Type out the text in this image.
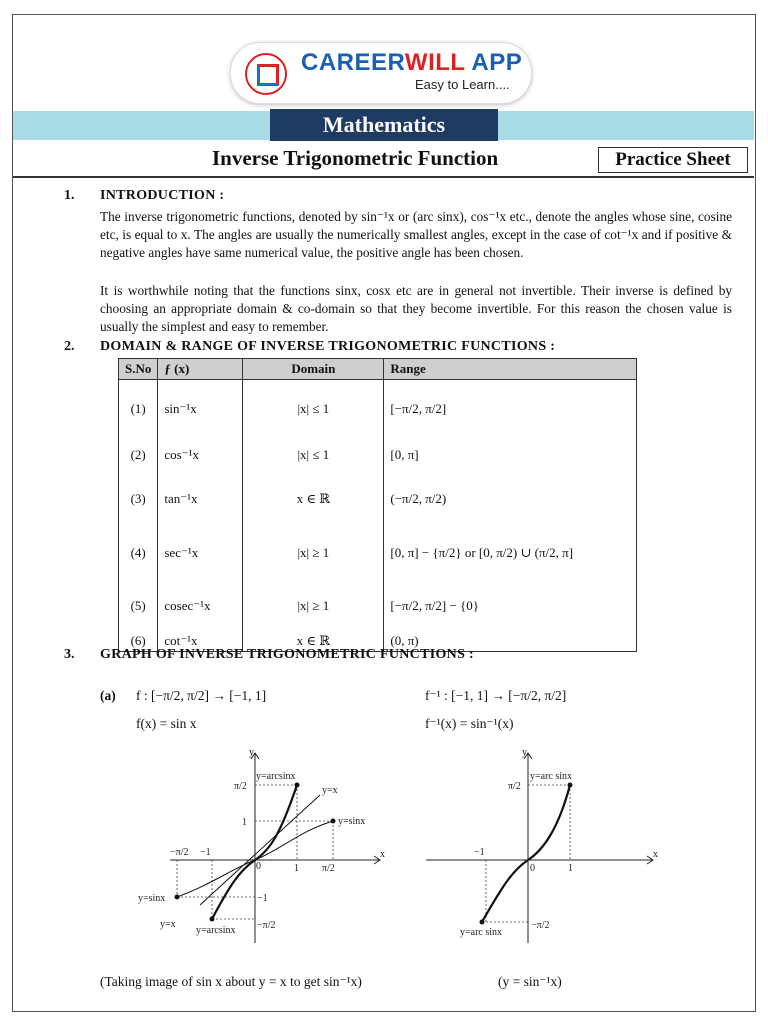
CAREERWILL APP
Easy to Learn....
Mathematics
Inverse Trigonometric Function	Practice Sheet
1. INTRODUCTION :
The inverse trigonometric functions, denoted by sin⁻¹x or (arc sinx), cos⁻¹x etc., denote the angles whose sine, cosine etc, is equal to x. The angles are usually the numerically smallest angles, except in the case of cot⁻¹x and if positive & negative angles have same numerical value, the positive angle has been chosen.
It is worthwhile noting that the functions sinx, cosx etc are in general not invertible. Their inverse is defined by choosing an appropriate domain & co-domain so that they become invertible. For this reason the chosen value is usually the simplest and easy to remember.
2. DOMAIN & RANGE OF INVERSE TRIGONOMETRIC FUNCTIONS :
S.No	ƒ (x)	Domain	Range
(1)	sin⁻¹x	|x| ≤ 1	[−π/2, π/2]
(2)	cos⁻¹x	|x| ≤ 1	[0, π]
(3)	tan⁻¹x	x ∈ ℝ	(−π/2, π/2)
(4)	sec⁻¹x	|x| ≥ 1	[0, π] − {π/2} or [0, π/2) ∪ (π/2, π]
(5)	cosec⁻¹x	|x| ≥ 1	[−π/2, π/2] − {0}
(6)	cot⁻¹x	x ∈ ℝ	(0, π)
3. GRAPH OF INVERSE TRIGONOMETRIC FUNCTIONS :
(a) f : [−π/2, π/2] → [−1, 1]	f⁻¹ : [−1, 1] → [−π/2, π/2]
f(x) = sin x	f⁻¹(x) = sin⁻¹(x)
x
y
0
−π/2 −1
1 π/2
π/2
1
−1
−π/2
y=arcsinx
y=x
y=sinx
y=sinx
y=x
y=arcsinx
x
y
0
−1
1
π/2
−π/2
y=arc sinx
y=arc sinx
(Taking image of sin x about y = x to get sin⁻¹x)	(y = sin⁻¹x)
